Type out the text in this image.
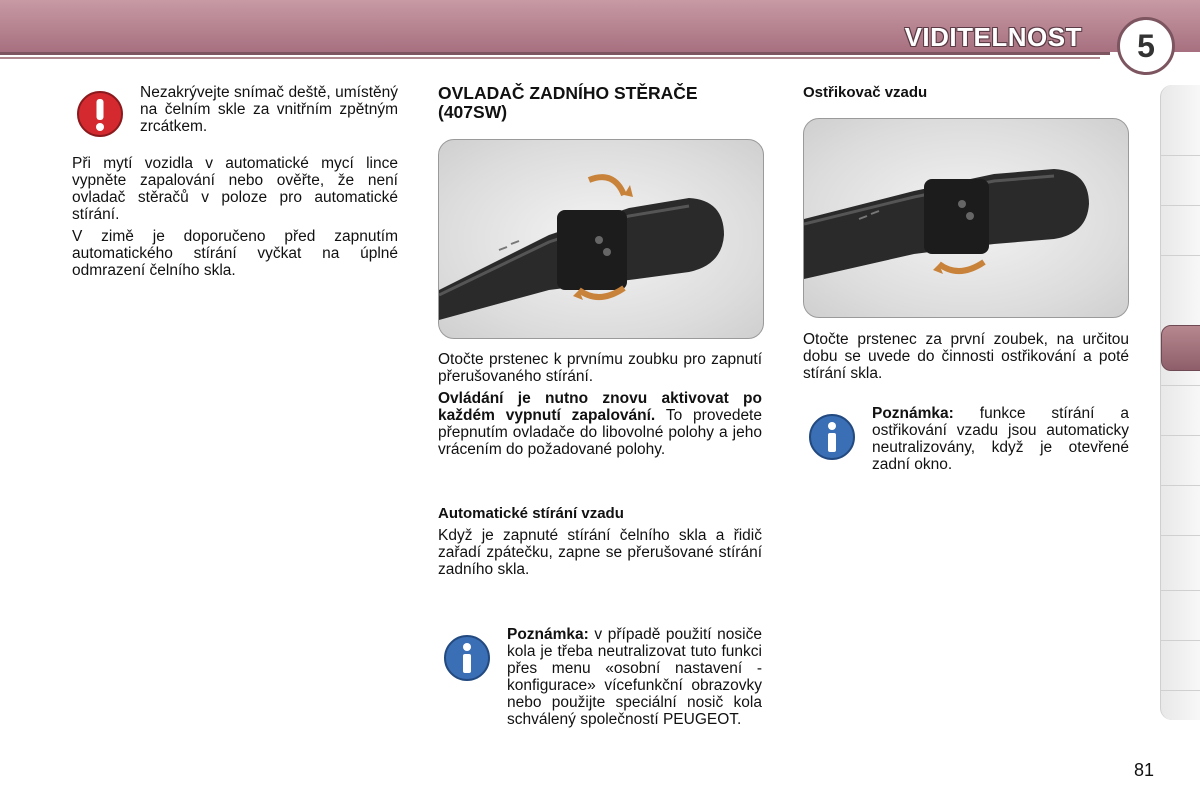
VIDITELNOST	5

Nezakrývejte snímač deště, umístěný na čelním skle za vnitřním zpětným zrcátkem.

Při mytí vozidla v automatické mycí lince vypněte zapalování nebo ověřte, že není ovladač stěračů v poloze pro automatické stírání.

V zimě je doporučeno před zapnutím automatického stírání vyčkat na úplné odmrazení čelního skla.

OVLADAČ ZADNÍHO STĚRAČE (407SW)

Otočte prstenec k prvnímu zoubku pro zapnutí přerušovaného stírání.

Ovládání je nutno znovu aktivovat po každém vypnutí zapalování. To provedete přepnutím ovladače do libovolné polohy a jeho vrácením do požadované polohy.

Automatické stírání vzadu

Když je zapnuté stírání čelního skla a řidič zařadí zpátečku, zapne se přerušované stírání zadního skla.

Poznámka: v případě použití nosiče kola je třeba neutralizovat tuto funkci přes menu «osobní nastavení - konfigurace» vícefunkční obrazovky nebo použijte speciální nosič kola schválený společností PEUGEOT.

Ostřikovač vzadu

Otočte prstenec za první zoubek, na určitou dobu se uvede do činnosti ostřikování a poté stírání skla.

Poznámka: funkce stírání a ostřikování vzadu jsou automaticky neutralizovány, když je otevřené zadní okno.

81
